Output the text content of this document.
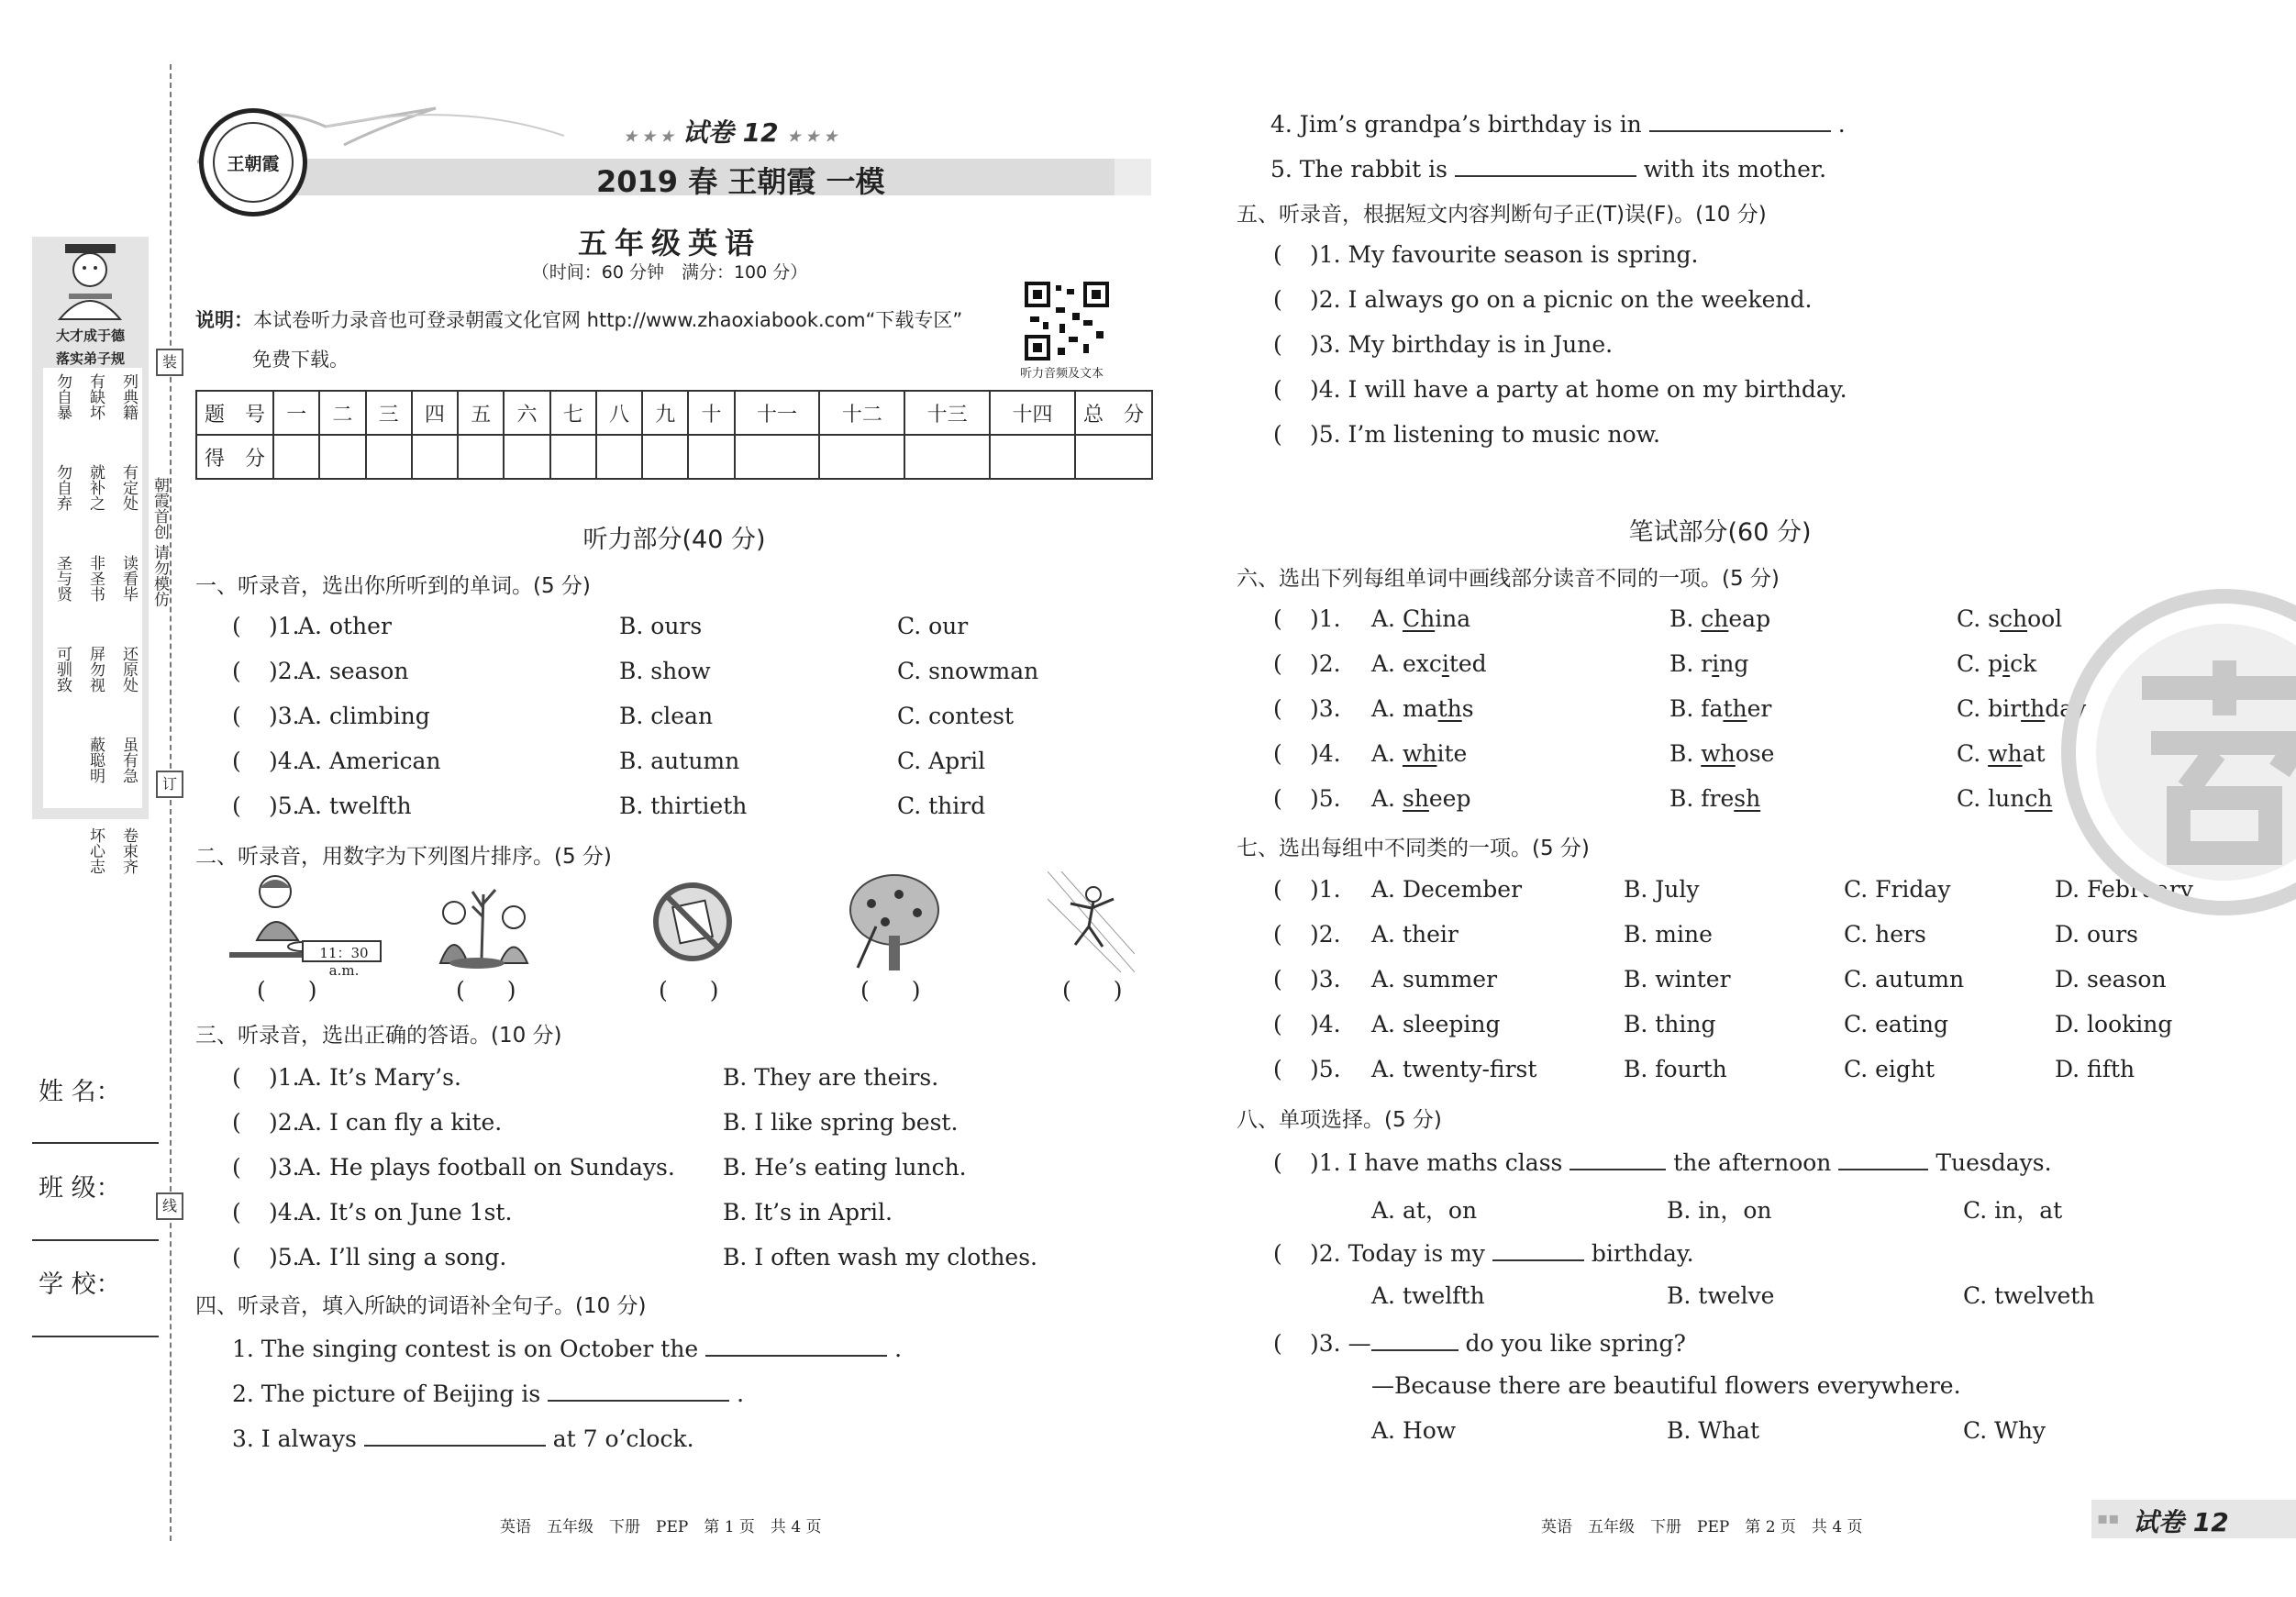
装
订
线
朝霞首创 请勿模仿
大才成于德
落实弟子规
勿自暴 有缺坏 列典籍
勿自弃 就补之 有定处
圣与贤 非圣书 读看毕
可驯致 屏勿视 还原处
蔽聪明 虽有急
坏心志 卷束齐
姓 名：
班 级：
学 校：
王朝霞
★ ★ ★ 试卷 12 ★ ★ ★
2019 春 王朝霞 一模
五年级英语
（时间：60 分钟　满分：100 分）
说明：本试卷听力录音也可登录朝霞文化官网 http://www.zhaoxiabook.com“下载专区”
免费下载。
听力音频及文本
题　号	一	二	三	四	五	六	七	八	九	十	十一	十二	十三	十四	总　分
得　分															
听力部分(40 分)
一、听录音，选出你所听到的单词。(5 分)
( )1.
A. other	B. ours	C. our
( )2.
A. season	B. show	C. snowman
( )3.
A. climbing	B. clean	C. contest
( )4.
A. American	B. autumn	C. April
( )5.
A. twelfth	B. thirtieth	C. third
二、听录音，用数字为下列图片排序。(5 分)
11：30 a.m.
( )	( )	( )	( )	( )
三、听录音，选出正确的答语。(10 分)
( )1.
A. It’s Mary’s.	B. They are theirs.
( )2.
A. I can fly a kite.	B. I like spring best.
( )3.
A. He plays football on Sundays. B. He’s eating lunch.
( )4.
A. It’s on June 1st.	B. It’s in April.
( )5.
A. I’ll sing a song.	B. I often wash my clothes.
四、听录音，填入所缺的词语补全句子。(10 分)
1. The singing contest is on October the	.
2. The picture of Beijing is	.
3. I always	at 7 o’clock.
英语　五年级　下册　PEP　第 1 页　共 4 页
4. Jim’s grandpa’s birthday is in	.
5. The rabbit is	with its mother.
五、听录音，根据短文内容判断句子正(T)误(F)。(10 分)
( )1. My favourite season is spring.
( )2. I always go on a picnic on the weekend.
( )3. My birthday is in June.
( )4. I will have a party at home on my birthday.
( )5. I’m listening to music now.
笔试部分(60 分)
六、选出下列每组单词中画线部分读音不同的一项。(5 分)
( )1. A. China	B. cheap	C. school
( )2. A. excited	B. ring	C. pick
( )3. A. maths	B. father	C. birthday
( )4. A. white	B. whose	C. what
( )5. A. sheep	B. fresh	C. lunch
七、选出每组中不同类的一项。(5 分)
( )1. A. December	B. July	C. Friday	D. February
( )2. A. their	B. mine	C. hers	D. ours
( )3. A. summer	B. winter	C. autumn	D. season
( )4. A. sleeping	B. thing	C. eating	D. looking
( )5. A. twenty-first	B. fourth	C. eight	D. fifth
八、单项选择。(5 分)
( )1. I have maths class	the afternoon	Tuesdays.
A. at，on	B. in，on	C. in，at
( )2. Today is my	birthday.
A. twelfth	B. twelve	C. twelveth
( )3. —	do you like spring?
—Because there are beautiful flowers everywhere.
A. How	B. What	C. Why
英语　五年级　下册　PEP　第 2 页　共 4 页	▪▪ 试卷 12
